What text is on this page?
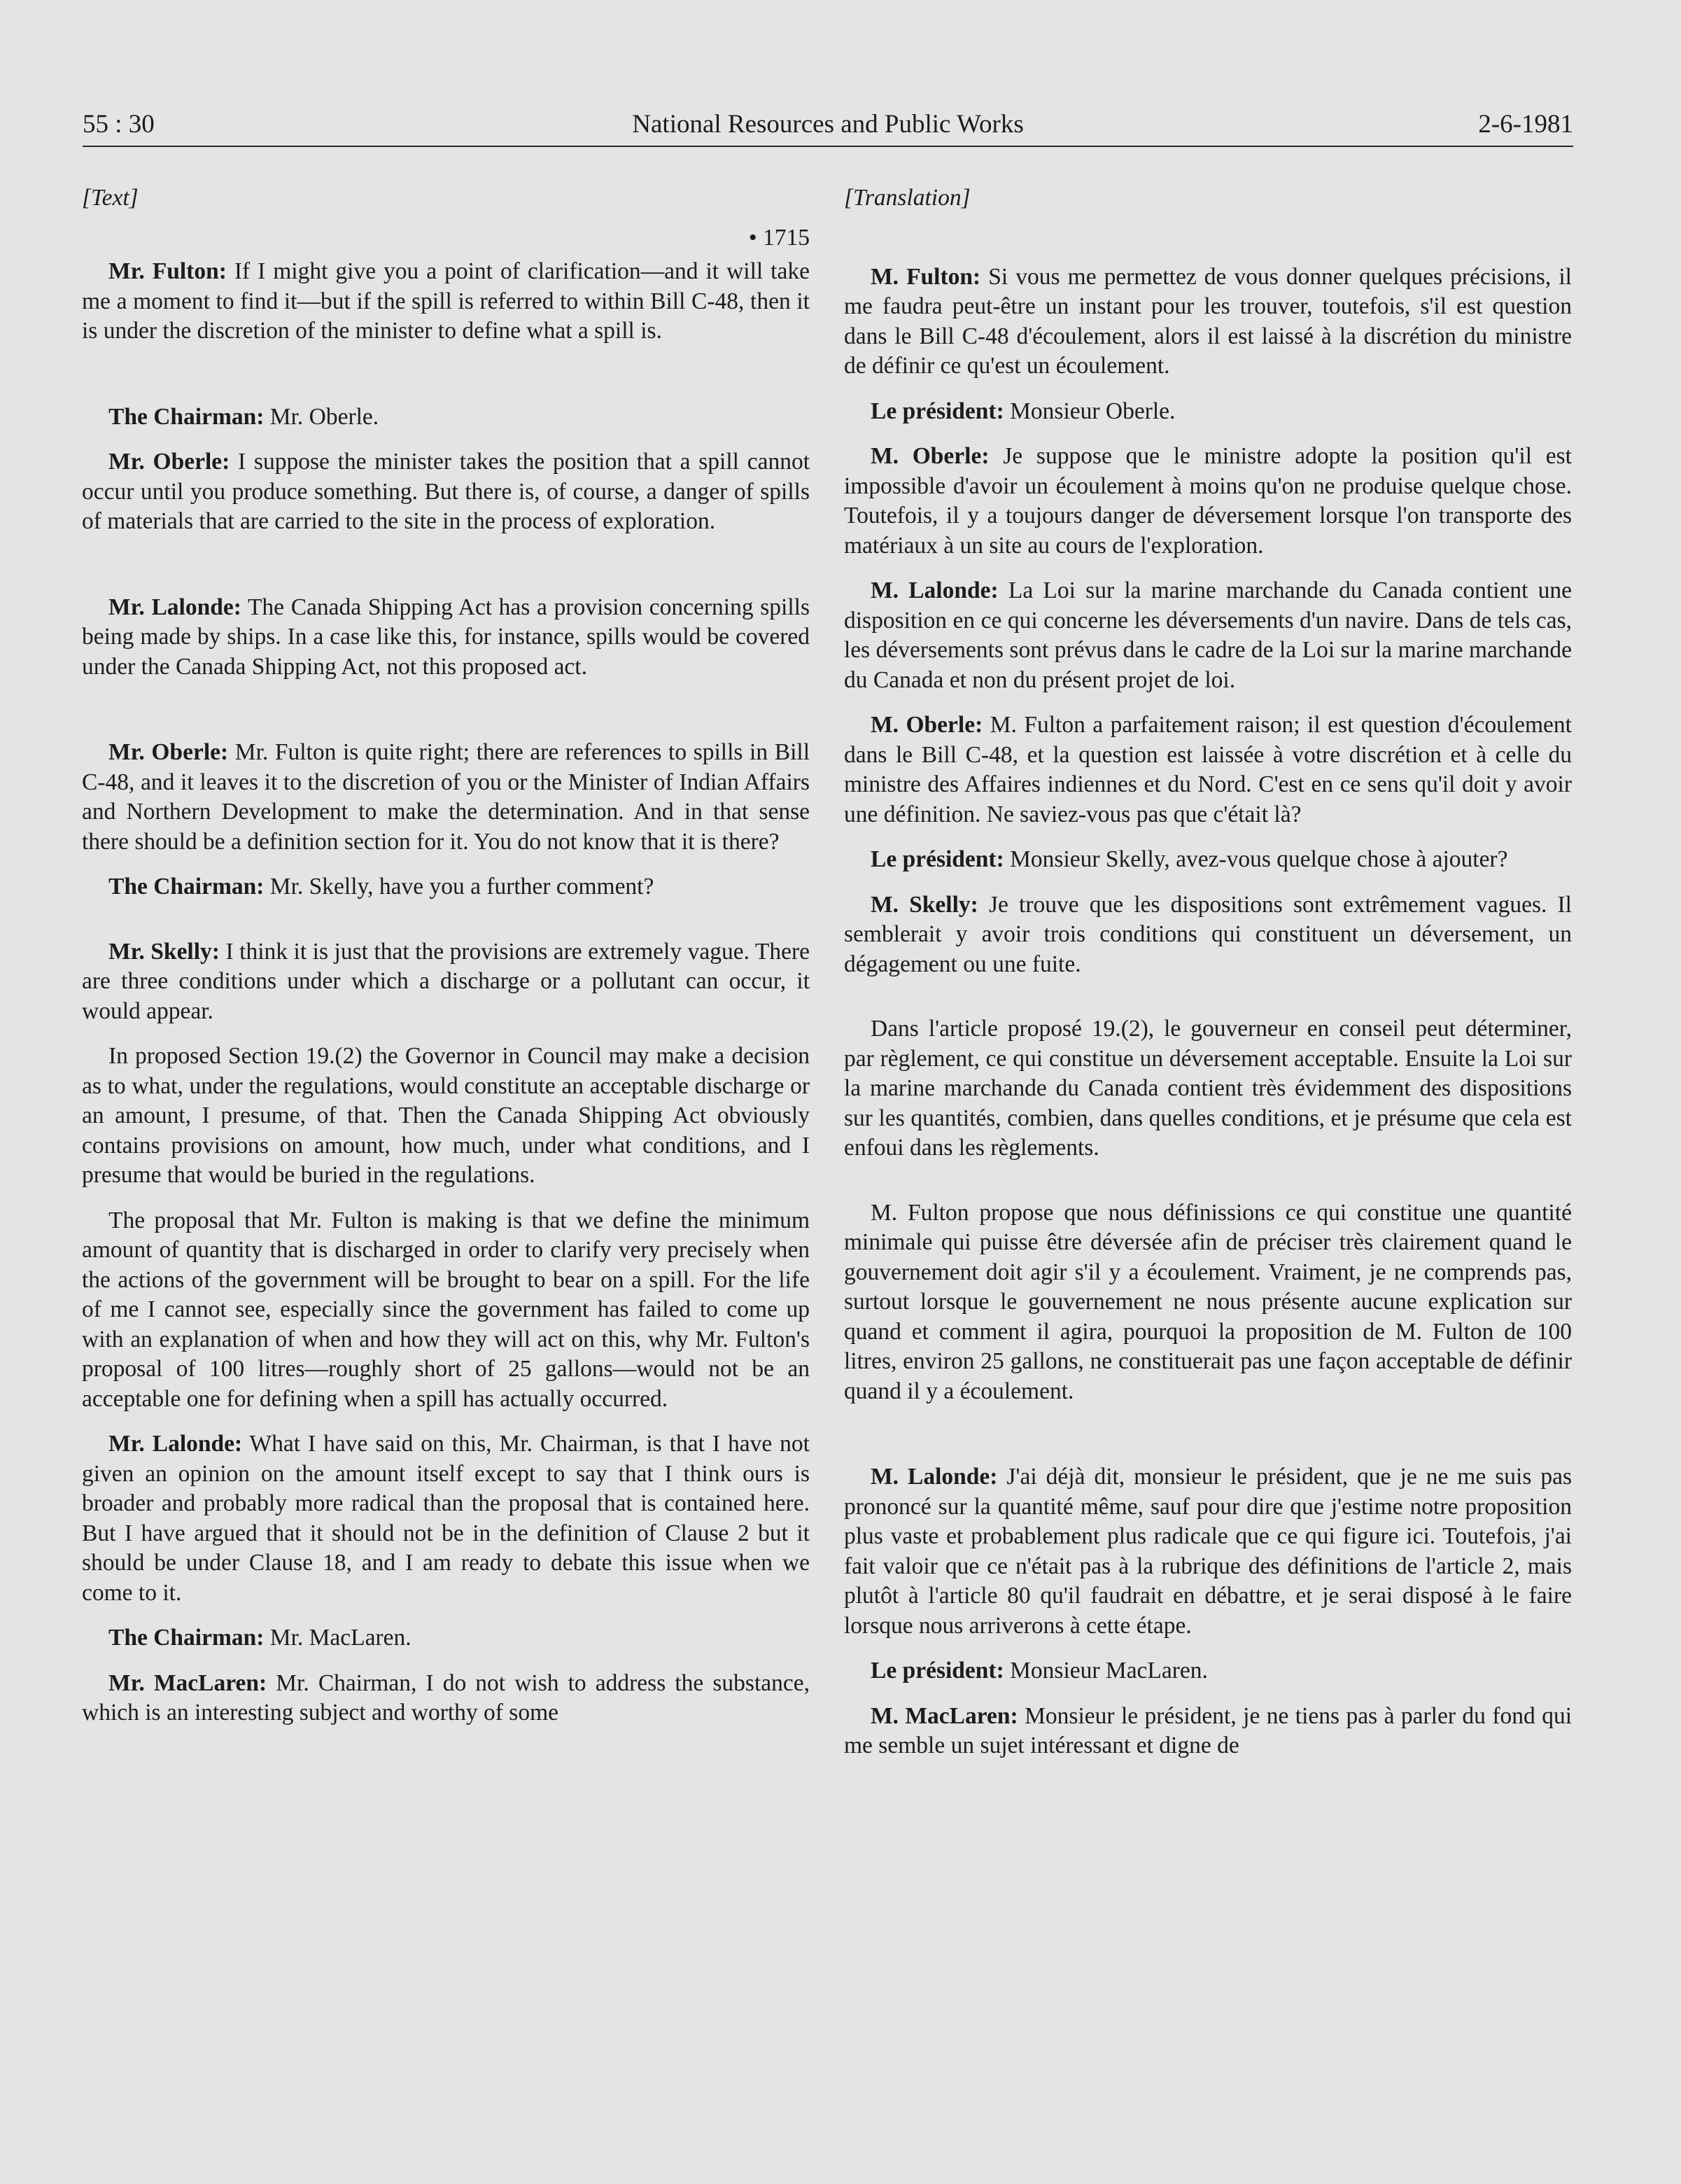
55 : 30	National Resources and Public Works	2-6-1981
[Text]
• 1715

Mr. Fulton: If I might give you a point of clarification—and it will take me a moment to find it—but if the spill is referred to within Bill C-48, then it is under the discretion of the minister to define what a spill is.

The Chairman: Mr. Oberle.

Mr. Oberle: I suppose the minister takes the position that a spill cannot occur until you produce something. But there is, of course, a danger of spills of materials that are carried to the site in the process of exploration.

Mr. Lalonde: The Canada Shipping Act has a provision concerning spills being made by ships. In a case like this, for instance, spills would be covered under the Canada Shipping Act, not this proposed act.

Mr. Oberle: Mr. Fulton is quite right; there are references to spills in Bill C-48, and it leaves it to the discretion of you or the Minister of Indian Affairs and Northern Development to make the determination. And in that sense there should be a definition section for it. You do not know that it is there?

The Chairman: Mr. Skelly, have you a further comment?

Mr. Skelly: I think it is just that the provisions are extremely vague. There are three conditions under which a discharge or a pollutant can occur, it would appear.

In proposed Section 19.(2) the Governor in Council may make a decision as to what, under the regulations, would constitute an acceptable discharge or an amount, I presume, of that. Then the Canada Shipping Act obviously contains provisions on amount, how much, under what conditions, and I presume that would be buried in the regulations.

The proposal that Mr. Fulton is making is that we define the minimum amount of quantity that is discharged in order to clarify very precisely when the actions of the government will be brought to bear on a spill. For the life of me I cannot see, especially since the government has failed to come up with an explanation of when and how they will act on this, why Mr. Fulton's proposal of 100 litres—roughly short of 25 gallons—would not be an acceptable one for defining when a spill has actually occurred.

Mr. Lalonde: What I have said on this, Mr. Chairman, is that I have not given an opinion on the amount itself except to say that I think ours is broader and probably more radical than the proposal that is contained here. But I have argued that it should not be in the definition of Clause 2 but it should be under Clause 18, and I am ready to debate this issue when we come to it.

The Chairman: Mr. MacLaren.

Mr. MacLaren: Mr. Chairman, I do not wish to address the substance, which is an interesting subject and worthy of some

[Translation]

M. Fulton: Si vous me permettez de vous donner quelques précisions, il me faudra peut-être un instant pour les trouver, toutefois, s'il est question dans le Bill C-48 d'écoulement, alors il est laissé à la discrétion du ministre de définir ce qu'est un écoulement.

Le président: Monsieur Oberle.

M. Oberle: Je suppose que le ministre adopte la position qu'il est impossible d'avoir un écoulement à moins qu'on ne produise quelque chose. Toutefois, il y a toujours danger de déversement lorsque l'on transporte des matériaux à un site au cours de l'exploration.

M. Lalonde: La Loi sur la marine marchande du Canada contient une disposition en ce qui concerne les déversements d'un navire. Dans de tels cas, les déversements sont prévus dans le cadre de la Loi sur la marine marchande du Canada et non du présent projet de loi.

M. Oberle: M. Fulton a parfaitement raison; il est question d'écoulement dans le Bill C-48, et la question est laissée à votre discrétion et à celle du ministre des Affaires indiennes et du Nord. C'est en ce sens qu'il doit y avoir une définition. Ne saviez-vous pas que c'était là?

Le président: Monsieur Skelly, avez-vous quelque chose à ajouter?

M. Skelly: Je trouve que les dispositions sont extrêmement vagues. Il semblerait y avoir trois conditions qui constituent un déversement, un dégagement ou une fuite.

Dans l'article proposé 19.(2), le gouverneur en conseil peut déterminer, par règlement, ce qui constitue un déversement acceptable. Ensuite la Loi sur la marine marchande du Canada contient très évidemment des dispositions sur les quantités, combien, dans quelles conditions, et je présume que cela est enfoui dans les règlements.

M. Fulton propose que nous définissions ce qui constitue une quantité minimale qui puisse être déversée afin de préciser très clairement quand le gouvernement doit agir s'il y a écoulement. Vraiment, je ne comprends pas, surtout lorsque le gouvernement ne nous présente aucune explication sur quand et comment il agira, pourquoi la proposition de M. Fulton de 100 litres, environ 25 gallons, ne constituerait pas une façon acceptable de définir quand il y a écoulement.

M. Lalonde: J'ai déjà dit, monsieur le président, que je ne me suis pas prononcé sur la quantité même, sauf pour dire que j'estime notre proposition plus vaste et probablement plus radicale que ce qui figure ici. Toutefois, j'ai fait valoir que ce n'était pas à la rubrique des définitions de l'article 2, mais plutôt à l'article 80 qu'il faudrait en débattre, et je serai disposé à le faire lorsque nous arriverons à cette étape.

Le président: Monsieur MacLaren.

M. MacLaren: Monsieur le président, je ne tiens pas à parler du fond qui me semble un sujet intéressant et digne de
